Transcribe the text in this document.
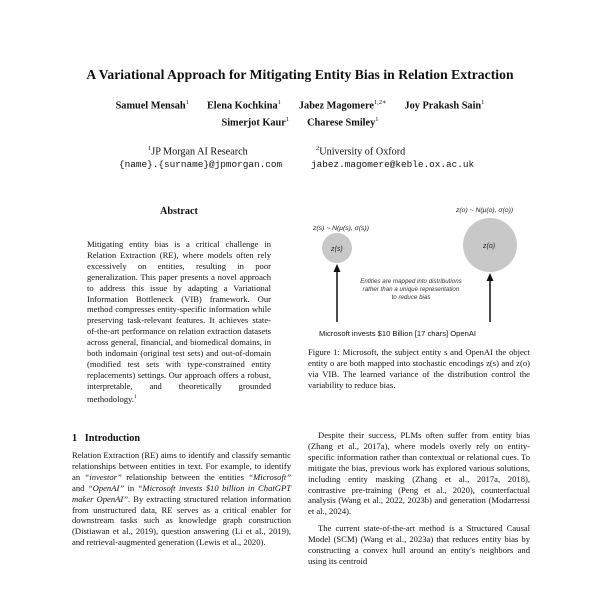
A Variational Approach for Mitigating Entity Bias in Relation Extraction
Samuel Mensah$^1$ Elena Kochkina$^1$ Jabez Magomere$^{1,2∗}$ Joy Prakash Sain$^1$
Simerjot Kaur$^1$ Charese Smiley$^1$
$^1$JP Morgan AI Research	$^2$University of Oxford
{name}.{surname}@jpmorgan.com	jabez.magomere@keble.ox.ac.uk
Abstract

Mitigating entity bias is a critical challenge in Relation Extraction (RE), where models often rely excessively on entities, resulting in poor generalization. This paper presents a novel approach to address this issue by adapting a Variational Information Bottleneck (VIB) framework. Our method compresses entity-specific information while preserving task-relevant features. It achieves state-of-the-art performance on relation extraction datasets across general, financial, and biomedical domains, in both indomain (original test sets) and out-of-domain (modified test sets with type-constrained entity replacements) settings. Our approach offers a robust, interpretable, and theoretically grounded methodology.$^1$

1 Introduction

Relation Extraction (RE) aims to identify and classify semantic relationships between entities in text. For example, to identify an “investor” relationship between the entities “Microsoft” and “OpenAI” in “Microsoft invests $10 billion in ChatGPT maker OpenAI”. By extracting structured relation information from unstructured data, RE serves as a critical enabler for downstream tasks such as knowledge graph construction (Distiawan et al., 2019), question answering (Li et al., 2019), and retrieval-augmented generation (Lewis et al., 2020).

z(s) ~ N(μ(s), σ(s))
z(o) ~ N(μ(o), σ(o))
z(s)	z(o)
Entities are mapped into distributions
rather than a unique representation
to reduce bias
Microsoft invests $10 Billion [17 chars] OpenAI
Figure 1: Microsoft, the subject entity s and OpenAI the object entity o are both mapped into stochastic encodings z(s) and z(o) via VIB. The learned variance of the distribution control the variability to reduce bias.

Despite their success, PLMs often suffer from entity bias (Zhang et al., 2017a), where models overly rely on entity-specific information rather than contextual or relational cues. To mitigate the bias, previous work has explored various solutions, including entity masking (Zhang et al., 2017a, 2018), contrastive pre-training (Peng et al., 2020), counterfactual analysis (Wang et al., 2022, 2023b) and generation (Modarressi et al., 2024).

The current state-of-the-art method is a Structured Causal Model (SCM) (Wang et al., 2023a) that reduces entity bias by constructing a convex hull around an entity's neighbors and using its centroid
